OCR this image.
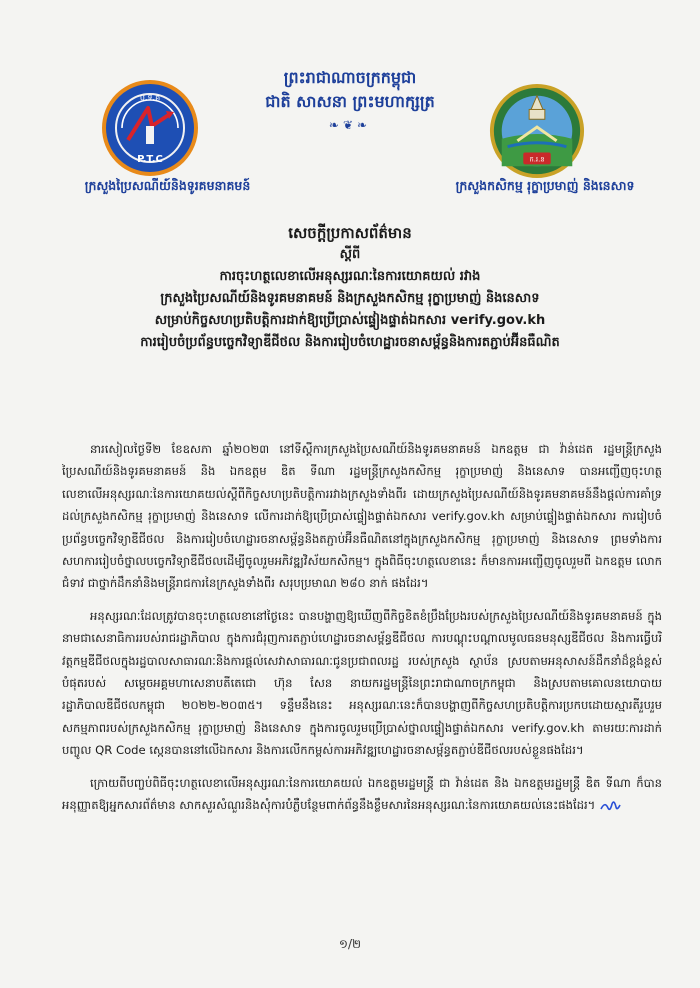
ព្រះរាជាណាចក្រកម្ពុជា
ជាតិ សាសនា ព្រះមហាក្សត្រ
❧❦❧
ប.ទ.គ
P.T.C	ក.រ.ន
ក្រសួងប្រៃសណីយ៍និងទូរគមនាគមន៍	ក្រសួងកសិកម្ម រុក្ខាប្រមាញ់ និងនេសាទ
សេចក្ដីប្រកាសព័ត៌មាន
ស្ដីពី
ការចុះហត្ថលេខាលើអនុស្សរណៈនៃការយោគយល់ រវាង
ក្រសួងប្រៃសណីយ៍និងទូរគមនាគមន៍ និងក្រសួងកសិកម្ម រុក្ខាប្រមាញ់ និងនេសាទ
សម្រាប់កិច្ចសហប្រតិបត្តិការដាក់ឱ្យប្រើប្រាស់ផ្ទៀងផ្ទាត់ឯកសារ verify.gov.kh
ការរៀបចំប្រព័ន្ធបច្ចេកវិទ្យាឌីជីថល និងការរៀបចំហេដ្ឋារចនាសម្ព័ន្ធនិងការតភ្ជាប់អ៊ីនធឺណិត

នារសៀលថ្ងៃទី២ ខែឧសភា ឆ្នាំ២០២៣ នៅទីស្ដីការក្រសួងប្រៃសណីយ៍និងទូរគមនាគមន៍ ឯកឧត្ដម ជា វ៉ាន់ដេត រដ្ឋមន្ត្រីក្រសួងប្រៃសណីយ៍និងទូរគមនាគមន៍ និង ឯកឧត្ដម ឌិត ទីណា រដ្ឋមន្ត្រីក្រសួងកសិកម្ម រុក្ខាប្រមាញ់ និងនេសាទ បានអញ្ជើញចុះហត្ថលេខាលើអនុស្សរណៈនៃការយោគយល់ស្ដីពីកិច្ចសហប្រតិបត្តិការរវាងក្រសួងទាំងពីរ ដោយក្រសួងប្រៃសណីយ៍និងទូរគមនាគមន៍នឹងផ្ដល់ការគាំទ្រដល់ក្រសួងកសិកម្ម រុក្ខាប្រមាញ់ និងនេសាទ លើការដាក់ឱ្យប្រើប្រាស់ផ្ទៀងផ្ទាត់ឯកសារ verify.gov.kh សម្រាប់ផ្ទៀងផ្ទាត់ឯកសារ ការរៀបចំប្រព័ន្ធបច្ចេកវិទ្យាឌីជីថល និងការរៀបចំហេដ្ឋារចនាសម្ព័ន្ធនិងតភ្ជាប់អ៊ីនធឺណិតនៅក្នុងក្រសួងកសិកម្ម រុក្ខាប្រមាញ់ និងនេសាទ ព្រមទាំងការសហការរៀបចំថ្នាលបច្ចេកវិទ្យាឌីជីថលដើម្បីចូលរួមអភិវឌ្ឍវិស័យកសិកម្ម។ ក្នុងពិធីចុះហត្ថលេខានេះ ក៏មានការអញ្ជើញចូលរួមពី ឯកឧត្ដម លោកជំទាវ ជាថ្នាក់ដឹកនាំនិងមន្ត្រីរាជការនៃក្រសួងទាំងពីរ សរុបប្រមាណ ២៨០ នាក់ ផងដែរ។

អនុស្សរណៈដែលត្រូវបានចុះហត្ថលេខានៅថ្ងៃនេះ បានបង្ហាញឱ្យឃើញពីកិច្ចខិតខំប្រឹងប្រែងរបស់ក្រសួងប្រៃសណីយ៍និងទូរគមនាគមន៍ ក្នុងនាមជាសេនាធិការរបស់រាជរដ្ឋាភិបាល ក្នុងការជំរុញការតភ្ជាប់ហេដ្ឋារចនាសម្ព័ន្ធឌីជីថល ការបណ្ដុះបណ្ដាលមូលធនមនុស្សឌីជីថល និងការធ្វើបរិវត្តកម្មឌីជីថលក្នុងរដ្ឋបាលសាធារណៈនិងការផ្ដល់សេវាសាធារណៈជូនប្រជាពលរដ្ឋ របស់ក្រសួង ស្ថាប័ន ស្របតាមអនុសាសន៍ដឹកនាំដ៏ខ្ពង់ខ្ពស់បំផុតរបស់ សម្ដេចអគ្គមហាសេនាបតីតេជោ ហ៊ុន សែន នាយករដ្ឋមន្ត្រីនៃព្រះរាជាណាចក្រកម្ពុជា និងស្របតាមគោលនយោបាយរដ្ឋាភិបាលឌីជីថលកម្ពុជា ២០២២-២០៣៥។ ទន្ទឹមនឹងនេះ អនុស្សរណៈនេះក៏បានបង្ហាញពីកិច្ចសហប្រតិបត្តិការប្រកបដោយស្មារតីរួបរួមសកម្មភាពរបស់ក្រសួងកសិកម្ម រុក្ខាប្រមាញ់ និងនេសាទ ក្នុងការចូលរួមប្រើប្រាស់ថ្នាលផ្ទៀងផ្ទាត់ឯកសារ verify.gov.kh តាមរយៈការដាក់បញ្ចូល QR Code ស្កេនបាននៅលើឯកសារ និងការលើកកម្ពស់ការអភិវឌ្ឍហេដ្ឋារចនាសម្ព័ន្ធតភ្ជាប់ឌីជីថលរបស់ខ្លួនផងដែរ។

ក្រោយពីបញ្ចប់ពិធីចុះហត្ថលេខាលើអនុស្សរណៈនៃការយោគយល់ ឯកឧត្ដមរដ្ឋមន្ត្រី ជា វ៉ាន់ដេត និង ឯកឧត្ដមរដ្ឋមន្ត្រី ឌិត ទីណា ក៏បានអនុញ្ញាតឱ្យអ្នកសារព័ត៌មាន សាកសួរសំណួរនិងសុំការបំភ្លឺបន្ថែមពាក់ព័ន្ធនឹងខ្លឹមសារនៃអនុស្សរណៈនៃការយោគយល់នេះផងដែរ។

១/២
